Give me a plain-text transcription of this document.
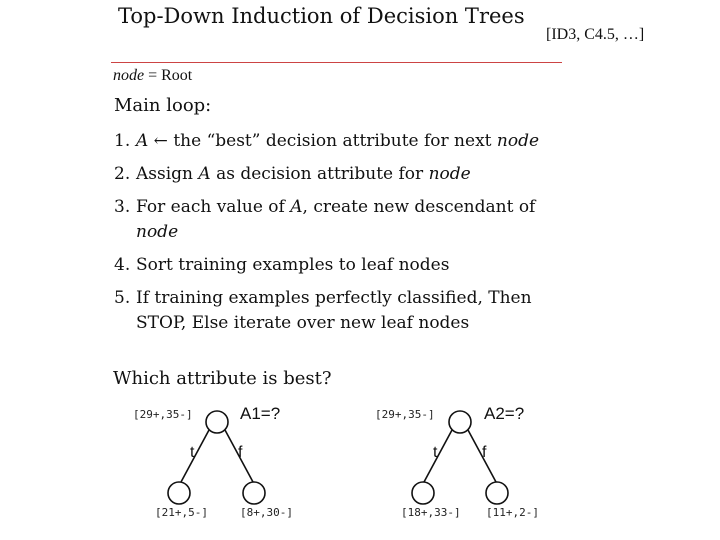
Top-Down Induction of Decision Trees
[ID3, C4.5, …]
node = Root
Main loop:
1. A ← the “best” decision attribute for next node
2. Assign A as decision attribute for node
3. For each value of A, create new descendant of
node
4. Sort training examples to leaf nodes
5. If training examples perfectly classified, Then
STOP, Else iterate over new leaf nodes
Which attribute is best?
[29+,35-]	A1=?
t	f
[21+,5-]	[8+,30-]
[29+,35-]	A2=?
t	f
[18+,33-] [11+,2-]
